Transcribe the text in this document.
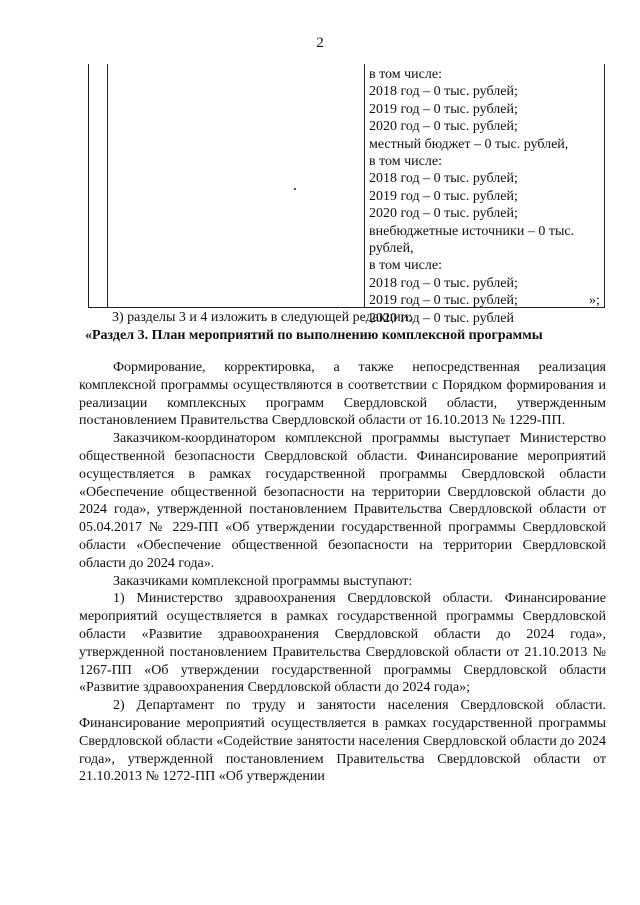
2
в том числе:
2018 год – 0 тыс. рублей;
2019 год – 0 тыс. рублей;
2020 год – 0 тыс. рублей;
местный бюджет – 0 тыс. рублей,
в том числе:
2018 год – 0 тыс. рублей;
2019 год – 0 тыс. рублей;
2020 год – 0 тыс. рублей;
внебюджетные источники – 0 тыс. рублей,
в том числе:
2018 год – 0 тыс. рублей;
2019 год – 0 тыс. рублей;
2020 год – 0 тыс. рублей
»;
3) разделы 3 и 4 изложить в следующей редакции:
«Раздел 3. План мероприятий по выполнению комплексной программы

Формирование, корректировка, а также непосредственная реализация комплексной программы осуществляются в соответствии с Порядком формирования и реализации комплексных программ Свердловской области, утвержденным постановлением Правительства Свердловской области от 16.10.2013 № 1229-ПП.

Заказчиком-координатором комплексной программы выступает Министерство общественной безопасности Свердловской области. Финансирование мероприятий осуществляется в рамках государственной программы Свердловской области «Обеспечение общественной безопасности на территории Свердловской области до 2024 года», утвержденной постановлением Правительства Свердловской области от 05.04.2017 № 229-ПП «Об утверждении государственной программы Свердловской области «Обеспечение общественной безопасности на территории Свердловской области до 2024 года».

Заказчиками комплексной программы выступают:

1) Министерство здравоохранения Свердловской области. Финансирование мероприятий осуществляется в рамках государственной программы Свердловской области «Развитие здравоохранения Свердловской области до 2024 года», утвержденной постановлением Правительства Свердловской области от 21.10.2013 № 1267-ПП «Об утверждении государственной программы Свердловской области «Развитие здравоохранения Свердловской области до 2024 года»;

2) Департамент по труду и занятости населения Свердловской области. Финансирование мероприятий осуществляется в рамках государственной программы Свердловской области «Содействие занятости населения Свердловской области до 2024 года», утвержденной постановлением Правительства Свердловской области от 21.10.2013 № 1272-ПП «Об утверждении
